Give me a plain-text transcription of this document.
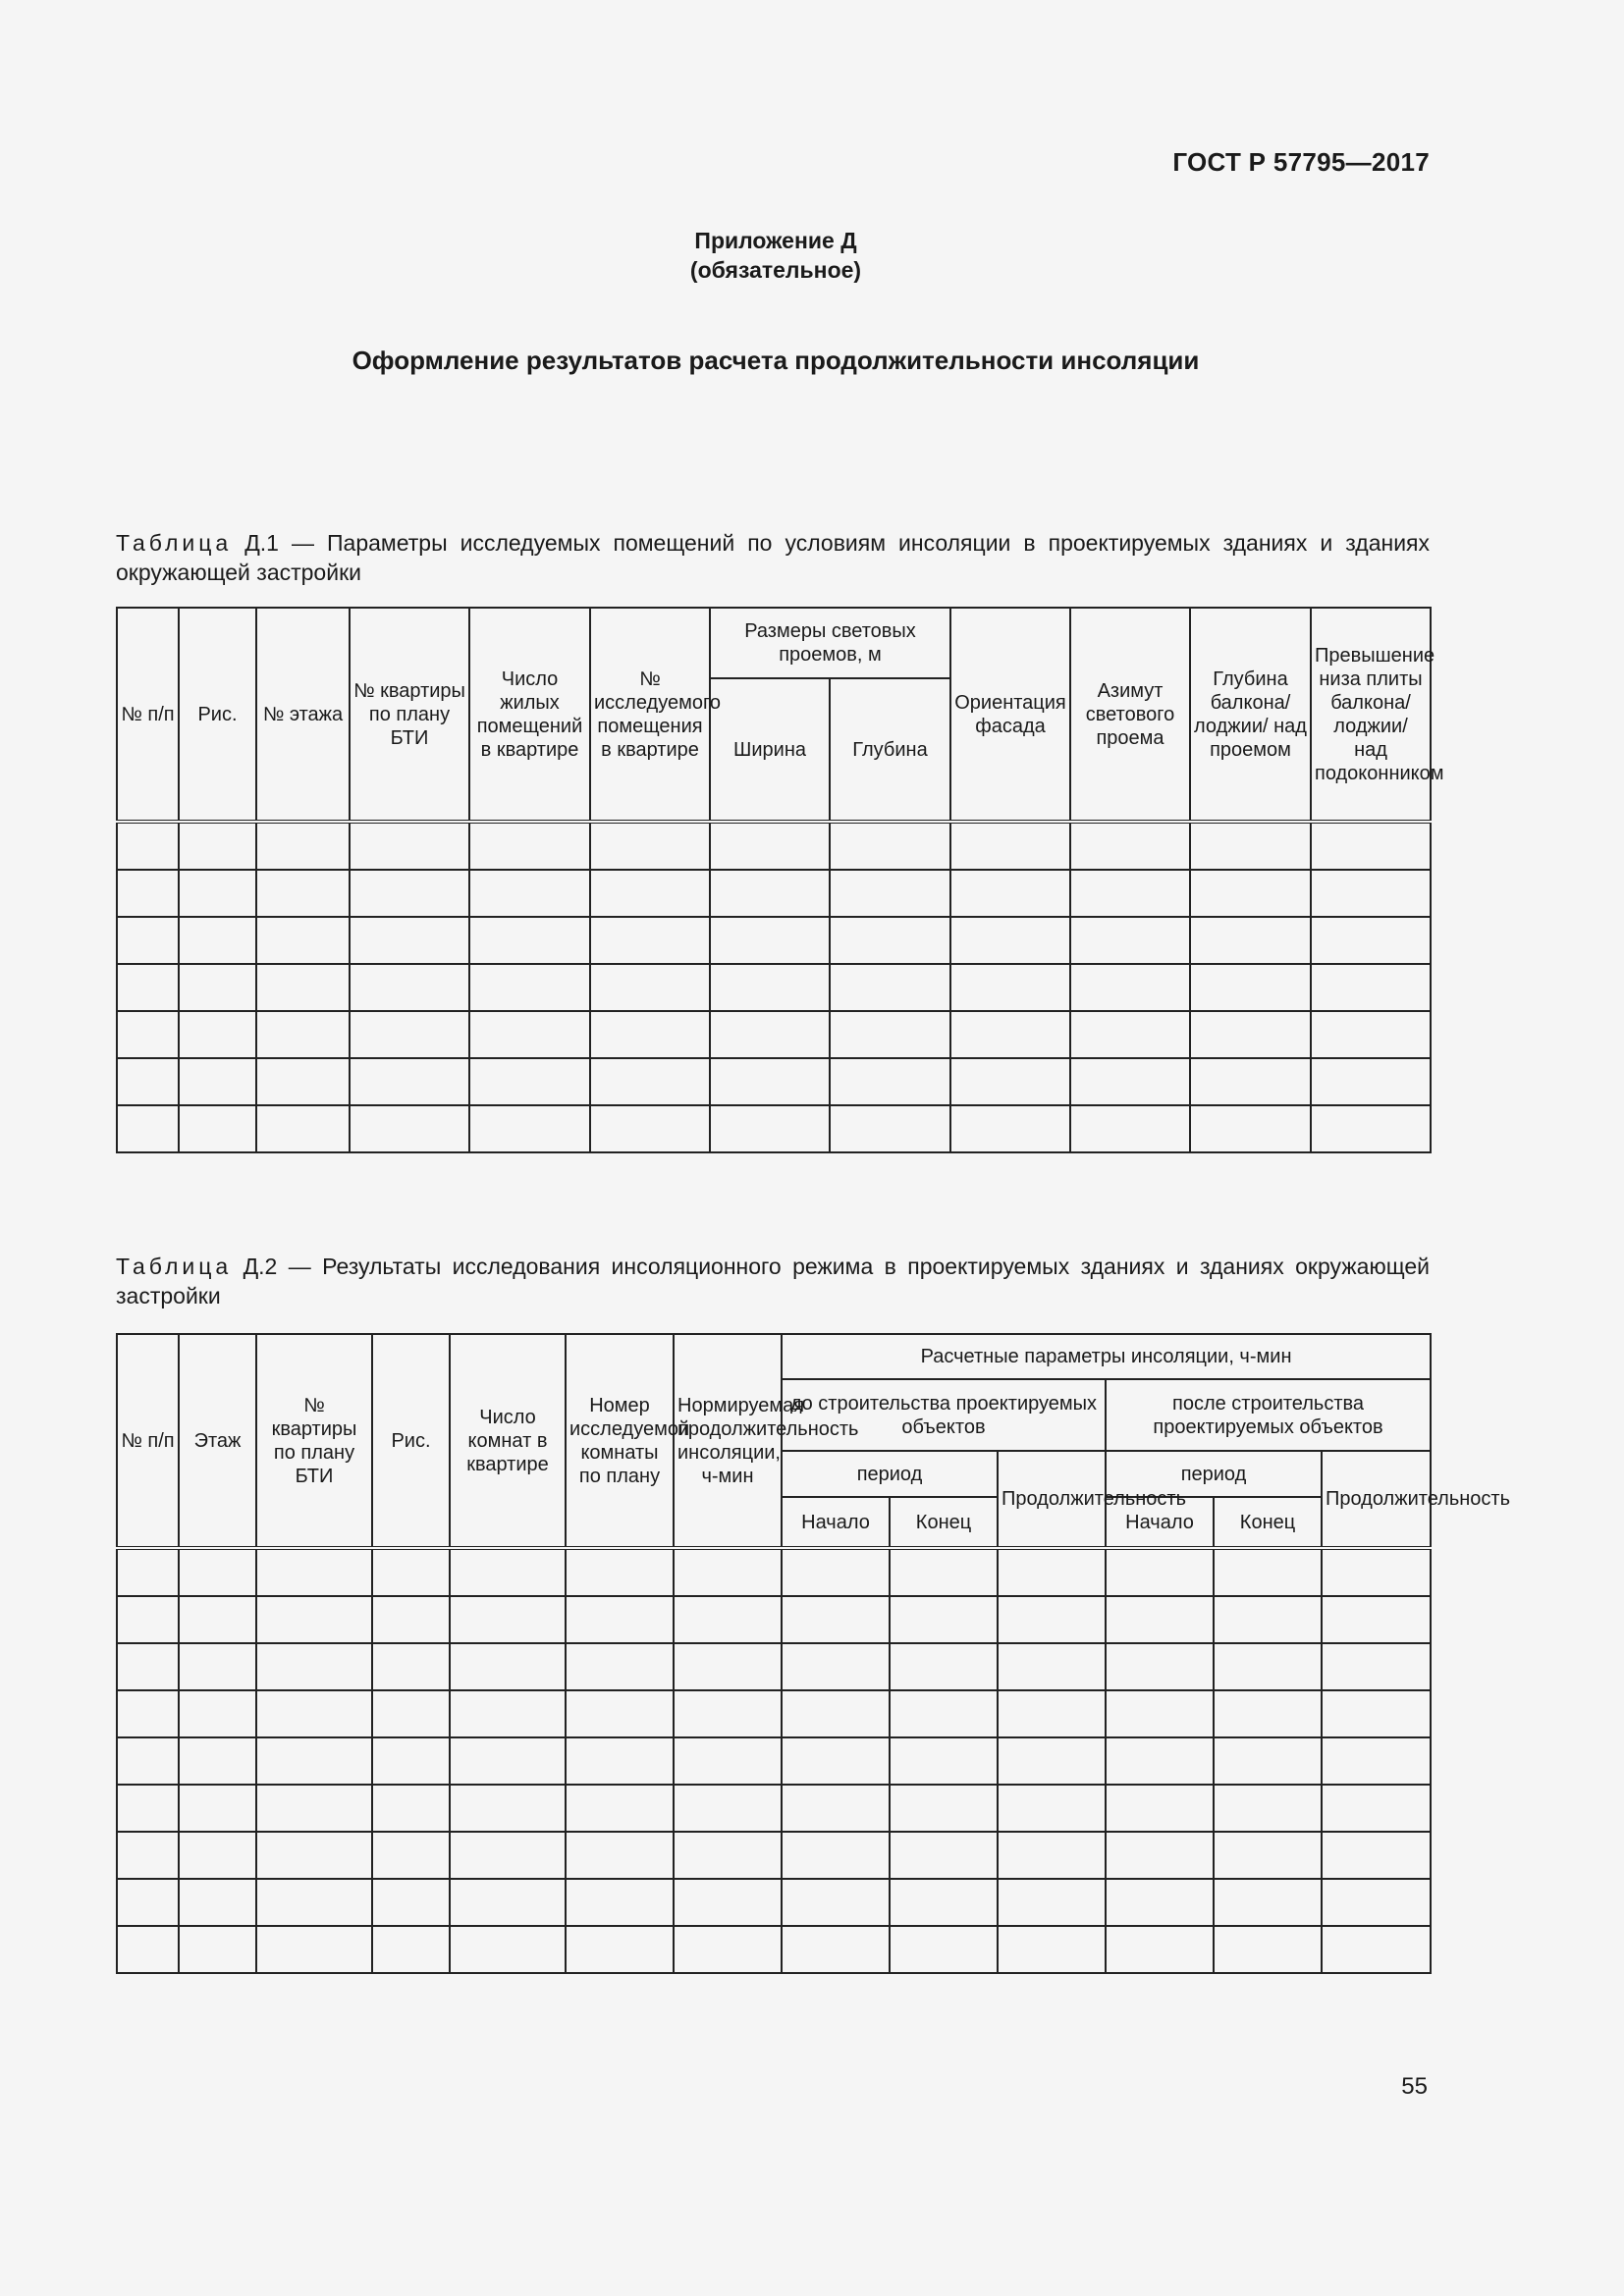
ГОСТ Р 57795—2017
Приложение Д
(обязательное)
Оформление результатов расчета продолжительности инсоляции
Таблица Д.1 — Параметры исследуемых помещений по условиям инсоляции в проектируемых зданиях и зданиях окружающей застройки
№ п/п	Рис.	№ этажа	№ квартиры по плану БТИ	Число жилых помещений в квартире	№ исследуемого помещения в квартире	Размеры световых проемов, м		Ориентация фасада	Азимут светового проема	Глубина балкона/ лоджии/ над проемом	Превышение низа плиты балкона/ лоджии/ над подоконником
						Ширина	Глубина				

Таблица Д.2 — Результаты исследования инсоляционного режима в проектируемых зданиях и зданиях окружающей застройки
№ п/п	Этаж	№ квартиры по плану БТИ	Рис.	Число комнат в квартире	Номер исследуемой комнаты по плану	Нормируемая продолжительность инсоляции, ч-мин	Расчетные параметры инсоляции, ч-мин					
							до строительства проектируемых объектов			после строительства проектируемых объектов		
							период		Продолжительность	период		Продолжительность
							Начало	Конец		Начало	Конец	

55
